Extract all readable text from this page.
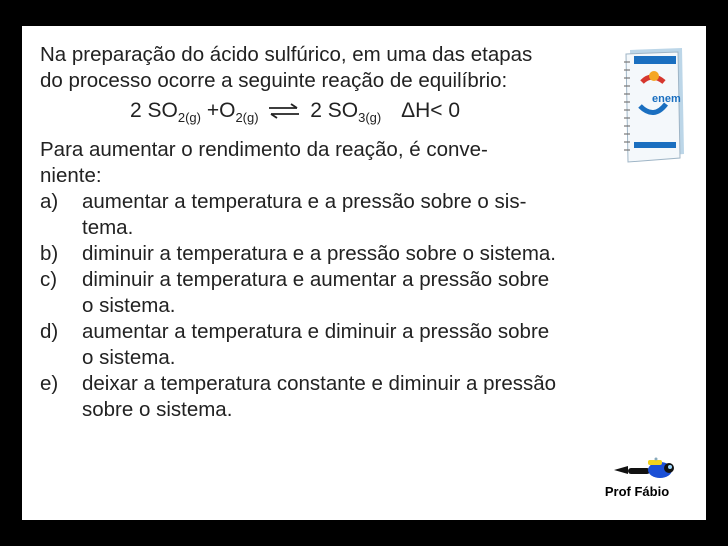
Na preparação do ácido sulfúrico, em uma das etapas

do processo ocorre a seguinte reação de equilíbrio:

2 $SO_{2(g)} +O_{2(g)}$ ⇌ 2 $SO_{3(g)}$ ΔH< 0
Para aumentar o rendimento da reação, é conve-
niente:
a) aumentar a temperatura e a pressão sobre o sis-
tema.
b) diminuir a temperatura e a pressão sobre o sistema.
c) diminuir a temperatura e aumentar a pressão sobre
o sistema.
d) aumentar a temperatura e diminuir a pressão sobre
o sistema.
e) deixar a temperatura constante e diminuir a pressão
sobre o sistema.
enem
Prof Fábio
